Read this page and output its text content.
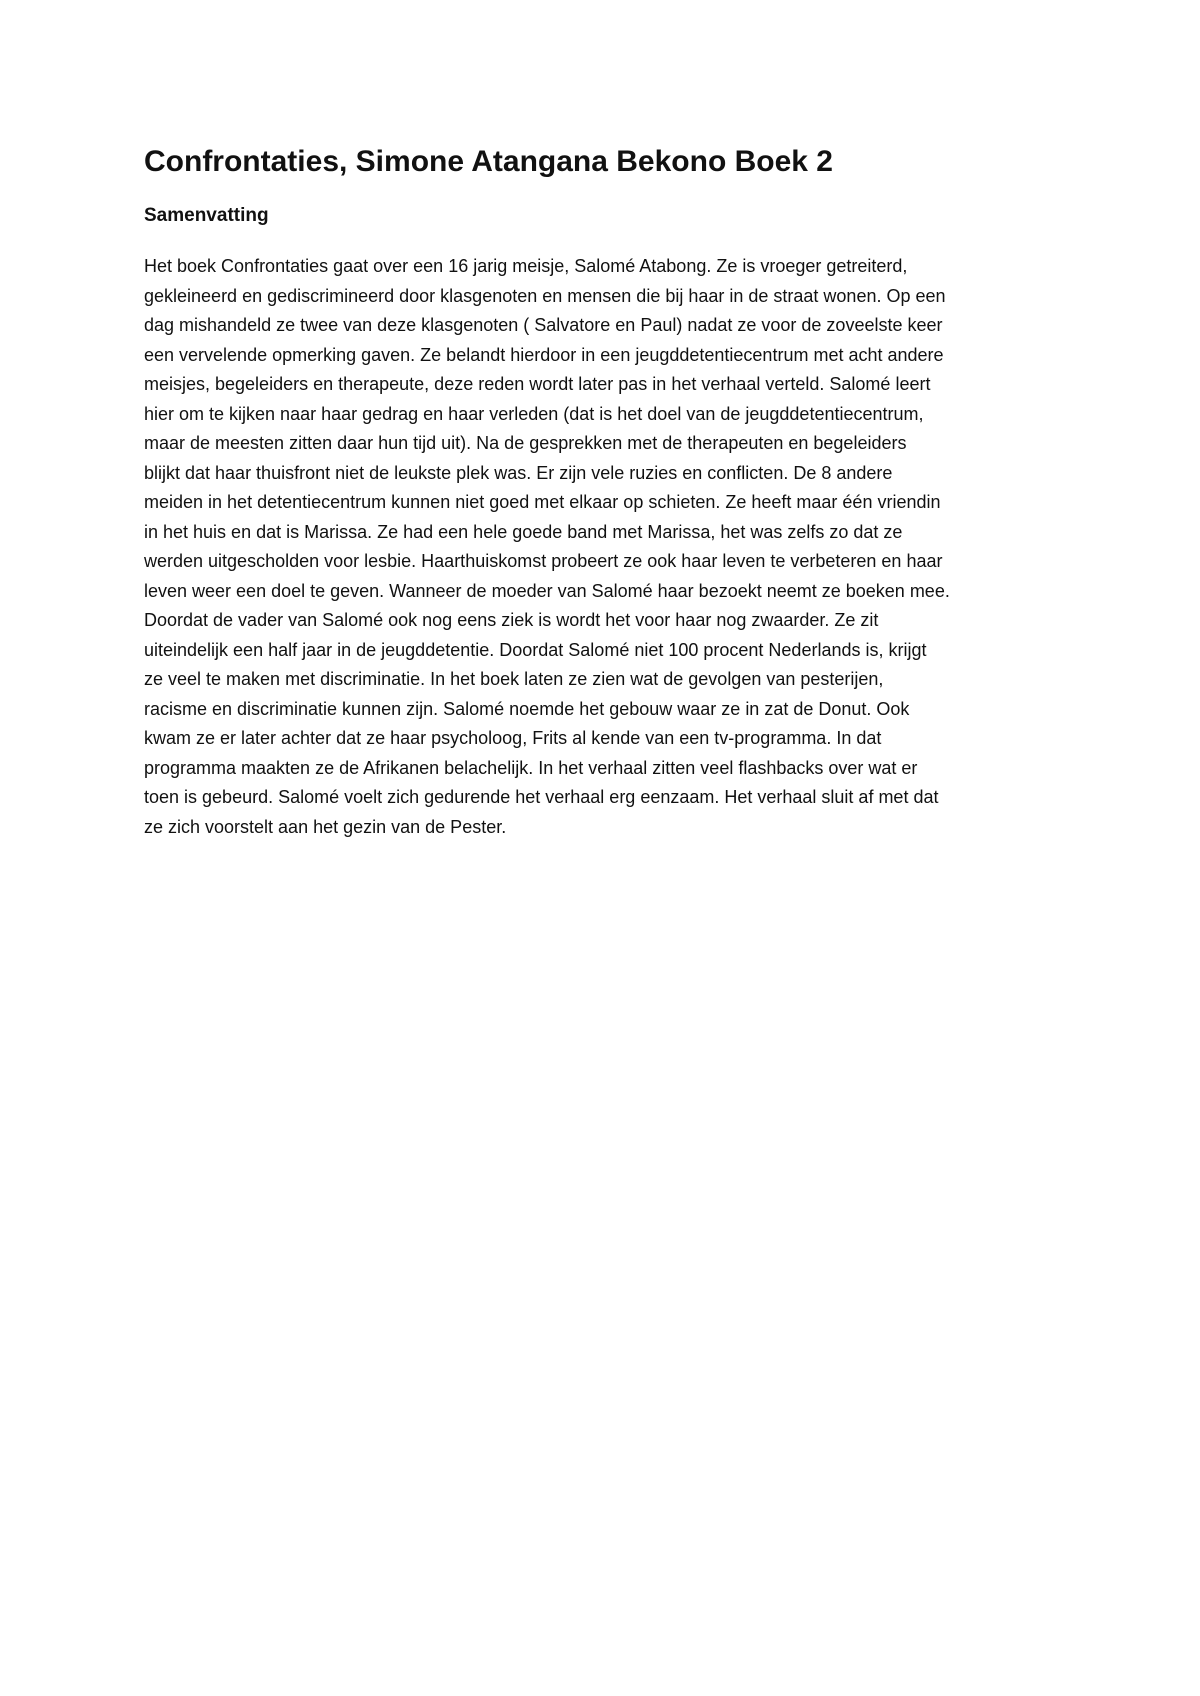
Confrontaties, Simone Atangana Bekono Boek 2
Samenvatting

Het boek Confrontaties gaat over een 16 jarig meisje, Salomé Atabong. Ze is vroeger getreiterd,
gekleineerd en gediscrimineerd door klasgenoten en mensen die bij haar in de straat wonen. Op een
dag mishandeld ze twee van deze klasgenoten ( Salvatore en Paul) nadat ze voor de zoveelste keer
een vervelende opmerking gaven. Ze belandt hierdoor in een jeugddetentiecentrum met acht andere
meisjes, begeleiders en therapeute, deze reden wordt later pas in het verhaal verteld. Salomé leert
hier om te kijken naar haar gedrag en haar verleden (dat is het doel van de jeugddetentiecentrum,
maar de meesten zitten daar hun tijd uit). Na de gesprekken met de therapeuten en begeleiders
blijkt dat haar thuisfront niet de leukste plek was. Er zijn vele ruzies en conflicten. De 8 andere
meiden in het detentiecentrum kunnen niet goed met elkaar op schieten. Ze heeft maar één vriendin
in het huis en dat is Marissa. Ze had een hele goede band met Marissa, het was zelfs zo dat ze
werden uitgescholden voor lesbie. Haarthuiskomst probeert ze ook haar leven te verbeteren en haar
leven weer een doel te geven. Wanneer de moeder van Salomé haar bezoekt neemt ze boeken mee.
Doordat de vader van Salomé ook nog eens ziek is wordt het voor haar nog zwaarder. Ze zit
uiteindelijk een half jaar in de jeugddetentie. Doordat Salomé niet 100 procent Nederlands is, krijgt
ze veel te maken met discriminatie. In het boek laten ze zien wat de gevolgen van pesterijen,
racisme en discriminatie kunnen zijn. Salomé noemde het gebouw waar ze in zat de Donut. Ook
kwam ze er later achter dat ze haar psycholoog, Frits al kende van een tv-programma. In dat
programma maakten ze de Afrikanen belachelijk. In het verhaal zitten veel flashbacks over wat er
toen is gebeurd. Salomé voelt zich gedurende het verhaal erg eenzaam. Het verhaal sluit af met dat
ze zich voorstelt aan het gezin van de Pester.
